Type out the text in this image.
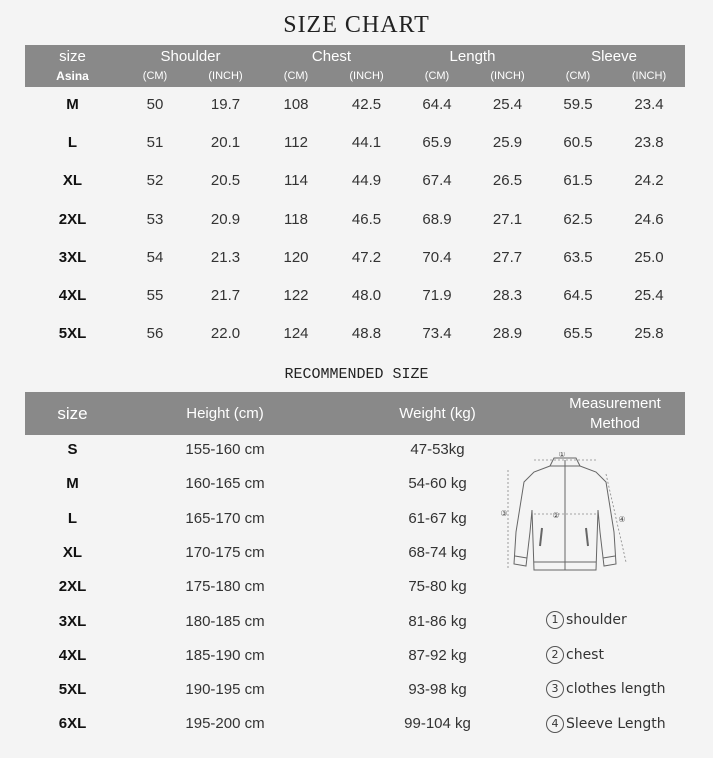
SIZE CHART
size
Asina
Shoulder	Chest	Length	Sleeve
(CM)	(INCH)	(CM)	(INCH)	(CM)	(INCH)	(CM)	(INCH)
M	50	19.7	108	42.5	64.4	25.4	59.5	23.4
L	51	20.1	112	44.1	65.9	25.9	60.5	23.8
XL	52	20.5	114	44.9	67.4	26.5	61.5	24.2
2XL	53	20.9	118	46.5	68.9	27.1	62.5	24.6
3XL	54	21.3	120	47.2	70.4	27.7	63.5	25.0
4XL	55	21.7	122	48.0	71.9	28.3	64.5	25.4
5XL	56	22.0	124	48.8	73.4	28.9	65.5	25.8
RECOMMENDED SIZE
size	Height (cm)	Weight (kg)
Measurement
Method
S	155-160 cm	47-53kg
M	160-165 cm	54-60 kg
L	165-170 cm	61-67 kg
XL	170-175 cm	68-74 kg
2XL	175-180 cm	75-80 kg
3XL	180-185 cm	81-86 kg
4XL	185-190 cm	87-92 kg
5XL	190-195 cm	93-98 kg
6XL	195-200 cm	99-104 kg
①
②
③
④
1 shoulder
2 chest
3 clothes length
4 Sleeve Length
